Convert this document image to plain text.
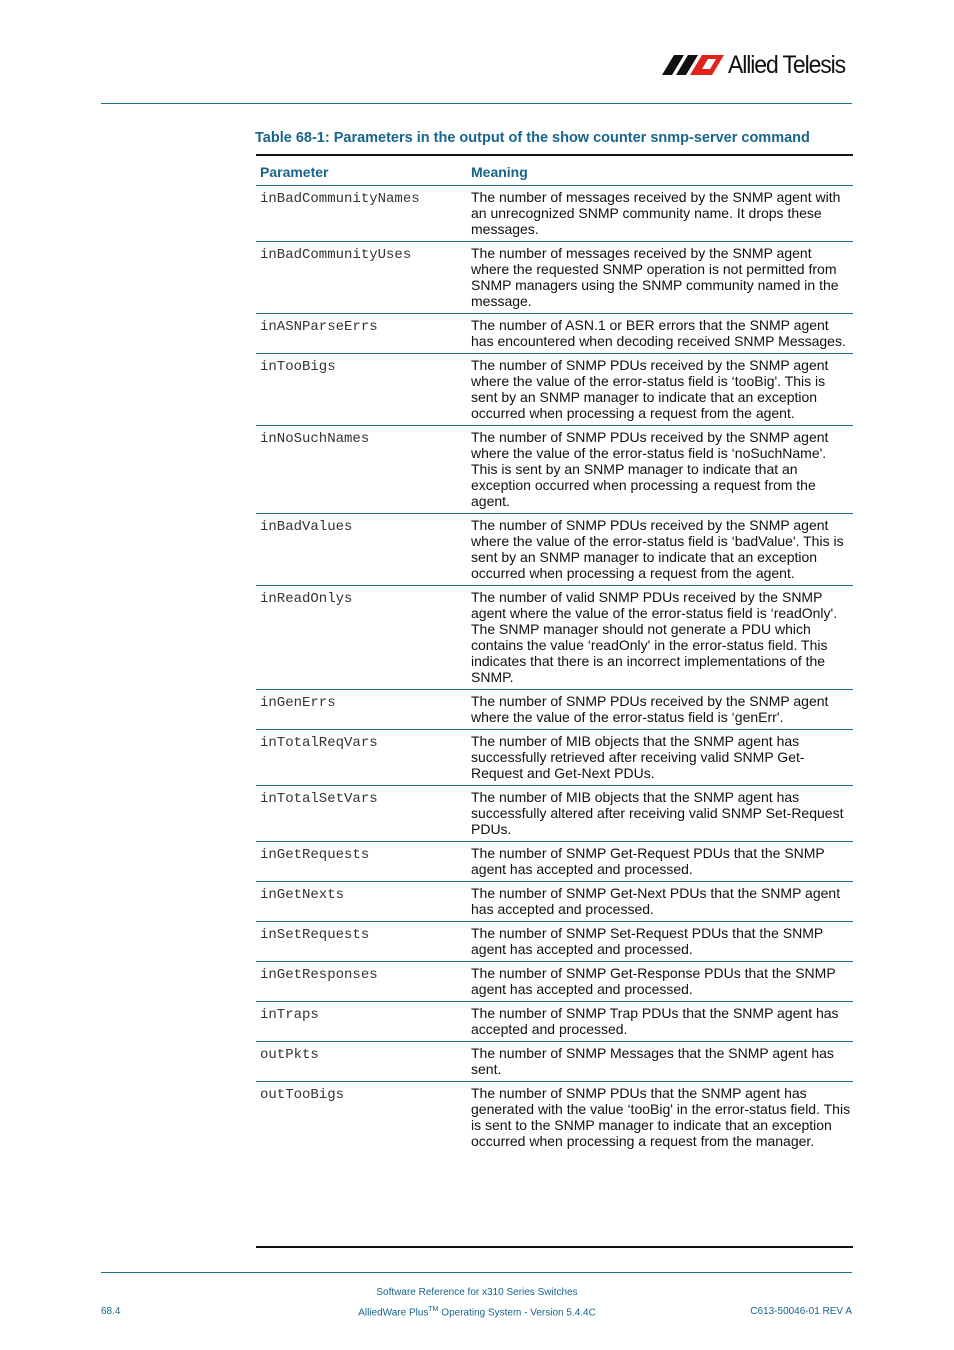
Allied Telesis
Table 68-1: Parameters in the output of the show counter snmp-server command
Parameter	Meaning
inBadCommunityNames	The number of messages received by the SNMP agent with an unrecognized SNMP community name. It drops these messages.
inBadCommunityUses	The number of messages received by the SNMP agent where the requested SNMP operation is not permitted from SNMP managers using the SNMP community named in the message.
inASNParseErrs	The number of ASN.1 or BER errors that the SNMP agent has encountered when decoding received SNMP Messages.
inTooBigs	The number of SNMP PDUs received by the SNMP agent where the value of the error-status field is ‘tooBig'. This is sent by an SNMP manager to indicate that an exception occurred when processing a request from the agent.
inNoSuchNames	The number of SNMP PDUs received by the SNMP agent where the value of the error-status field is ‘noSuchName'. This is sent by an SNMP manager to indicate that an exception occurred when processing a request from the agent.
inBadValues	The number of SNMP PDUs received by the SNMP agent where the value of the error-status field is ‘badValue'. This is sent by an SNMP manager to indicate that an exception occurred when processing a request from the agent.
inReadOnlys	The number of valid SNMP PDUs received by the SNMP agent where the value of the error-status field is ‘readOnly'. The SNMP manager should not generate a PDU which contains the value ‘readOnly' in the error-status field. This indicates that there is an incorrect implementations of the SNMP.
inGenErrs	The number of SNMP PDUs received by the SNMP agent where the value of the error-status field is ‘genErr'.
inTotalReqVars	The number of MIB objects that the SNMP agent has successfully retrieved after receiving valid SNMP Get-Request and Get-Next PDUs.
inTotalSetVars	The number of MIB objects that the SNMP agent has successfully altered after receiving valid SNMP Set-Request PDUs.
inGetRequests	The number of SNMP Get-Request PDUs that the SNMP agent has accepted and processed.
inGetNexts	The number of SNMP Get-Next PDUs that the SNMP agent has accepted and processed.
inSetRequests	The number of SNMP Set-Request PDUs that the SNMP agent has accepted and processed.
inGetResponses	The number of SNMP Get-Response PDUs that the SNMP agent has accepted and processed.
inTraps	The number of SNMP Trap PDUs that the SNMP agent has accepted and processed.
outPkts	The number of SNMP Messages that the SNMP agent has sent.
outTooBigs	The number of SNMP PDUs that the SNMP agent has generated with the value ‘tooBig' in the error-status field. This is sent to the SNMP manager to indicate that an exception occurred when processing a request from the manager.
Software Reference for x310 Series Switches
68.4	AlliedWare Plus™ Operating System - Version 5.4.4C	C613-50046-01 REV A
